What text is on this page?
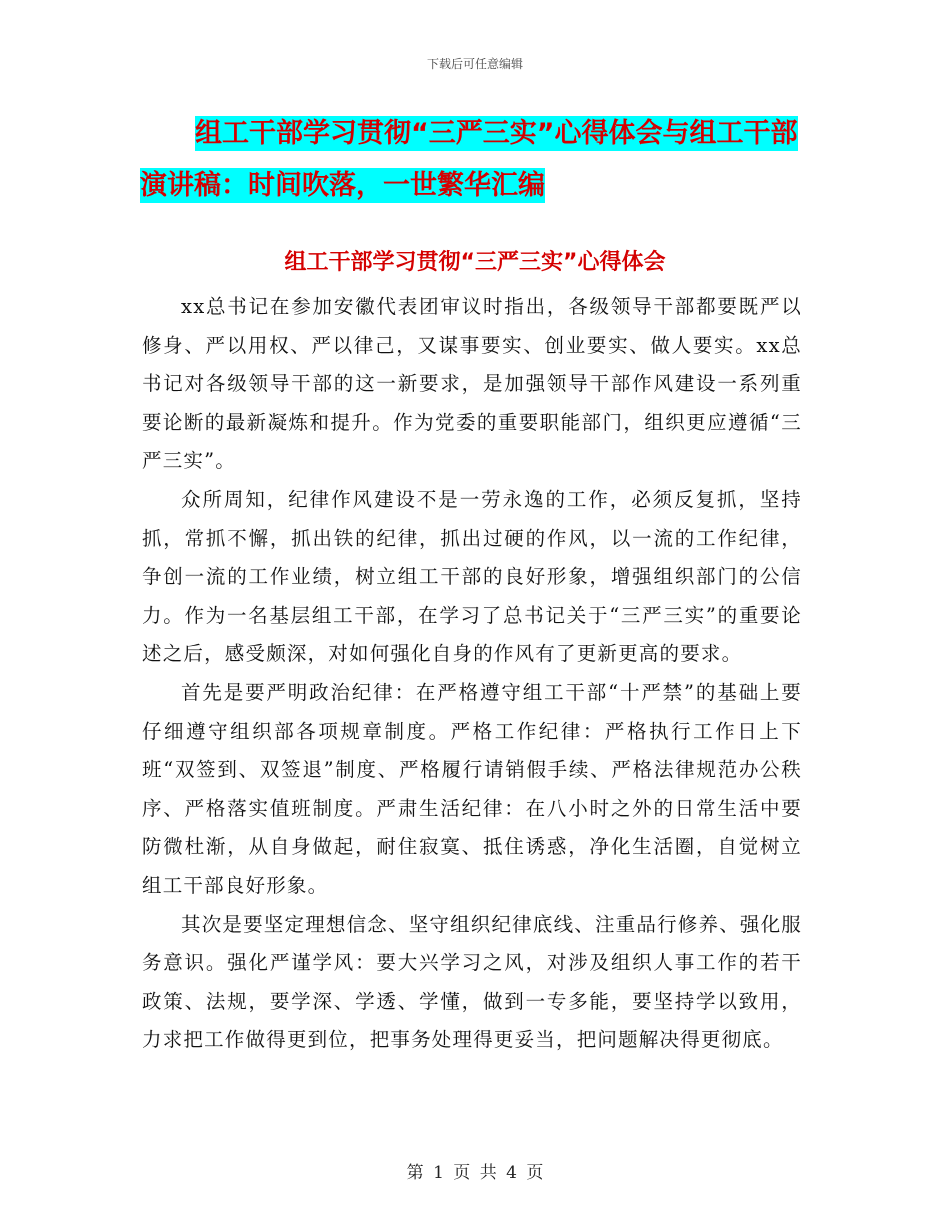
下载后可任意编辑
组工干部学习贯彻“三严三实”心得体会与组工干部
演讲稿：时间吹落，一世繁华汇编
组工干部学习贯彻“三严三实”心得体会

xx总书记在参加安徽代表团审议时指出，各级领导干部都要既严以修身、严以用权、严以律己，又谋事要实、创业要实、做人要实。xx总书记对各级领导干部的这一新要求，是加强领导干部作风建设一系列重要论断的最新凝炼和提升。作为党委的重要职能部门，组织更应遵循“三严三实”。

众所周知，纪律作风建设不是一劳永逸的工作，必须反复抓，坚持抓，常抓不懈，抓出铁的纪律，抓出过硬的作风，以一流的工作纪律，争创一流的工作业绩，树立组工干部的良好形象，增强组织部门的公信力。作为一名基层组工干部，在学习了总书记关于“三严三实”的重要论述之后，感受颇深，对如何强化自身的作风有了更新更高的要求。

首先是要严明政治纪律：在严格遵守组工干部“十严禁”的基础上要仔细遵守组织部各项规章制度。严格工作纪律：严格执行工作日上下班“双签到、双签退”制度、严格履行请销假手续、严格法律规范办公秩序、严格落实值班制度。严肃生活纪律：在八小时之外的日常生活中要防微杜渐，从自身做起，耐住寂寞、抵住诱惑，净化生活圈，自觉树立组工干部良好形象。

其次是要坚定理想信念、坚守组织纪律底线、注重品行修养、强化服务意识。强化严谨学风：要大兴学习之风，对涉及组织人事工作的若干政策、法规，要学深、学透、学懂，做到一专多能，要坚持学以致用，力求把工作做得更到位，把事务处理得更妥当，把问题解决得更彻底。

第 1 页 共 4 页
